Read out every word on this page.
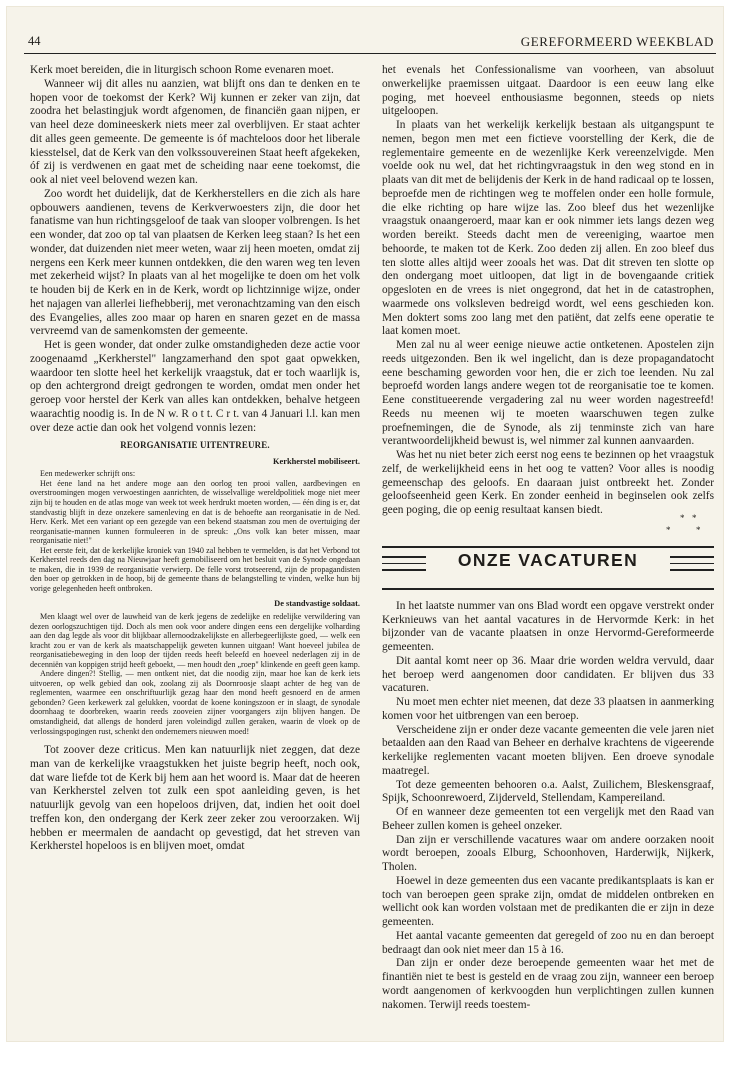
44	GEREFORMEERD WEEKBLAD

Kerk moet bereiden, die in liturgisch schoon Rome evenaren moet.

Wanneer wij dit alles nu aanzien, wat blijft ons dan te denken en te hopen voor de toekomst der Kerk? Wij kunnen er zeker van zijn, dat zoodra het belastingjuk wordt afgenomen, de financiën gaan nijpen, er van heel deze domineeskerk niets meer zal overblijven. Er staat achter dit alles geen gemeente. De gemeente is óf machteloos door het liberale kiesstelsel, dat de Kerk van den volkssouvereinen Staat heeft afgekeken, óf zij is verdwenen en gaat met de scheiding naar eene toekomst, die ook al niet veel belovend wezen kan.

Zoo wordt het duidelijk, dat de Kerkherstellers en die zich als hare opbouwers aandienen, tevens de Kerkverwoesters zijn, die door het fanatisme van hun richtingsgeloof de taak van slooper volbrengen. Is het een wonder, dat zoo op tal van plaatsen de Kerken leeg staan? Is het een wonder, dat duizenden niet meer weten, waar zij heen moeten, omdat zij nergens een Kerk meer kunnen ontdekken, die den waren weg ten leven met zekerheid wijst? In plaats van al het mogelijke te doen om het volk te houden bij de Kerk en in de Kerk, wordt op lichtzinnige wijze, onder het najagen van allerlei liefhebberij, met veronachtzaming van den eisch des Evangelies, alles zoo maar op haren en snaren gezet en de massa vervreemd van de samenkomsten der gemeente.

Het is geen wonder, dat onder zulke omstandigheden deze actie voor zoogenaamd „Kerkherstel" langzamerhand den spot gaat opwekken, waardoor ten slotte heel het kerkelijk vraagstuk, dat er toch waarlijk is, op den achtergrond dreigt gedrongen te worden, omdat men onder het geroep voor herstel der Kerk van alles kan ontdekken, behalve hetgeen waarachtig noodig is. In de N w. R o t t. C r t. van 4 Januari l.l. kan men over deze actie dan ook het volgend vonnis lezen:

REORGANISATIE UITENTREURE.

Kerkherstel mobiliseert.

Een medewerker schrijft ons:

Het éene land na het andere moge aan den oorlog ten prooi vallen, aardbevingen en overstroomingen mogen verwoestingen aanrichten, de wisselvallige wereldpolitiek moge niet meer zijn bij te houden en de atlas moge van week tot week herdrukt moeten worden, — één ding is er, dat standvastig blijft in deze onzekere samenleving en dat is de behoefte aan reorganisatie in de Ned. Herv. Kerk. Met een variant op een gezegde van een bekend staatsman zou men de overtuiging der reorganisatie-mannen kunnen formuleeren in de spreuk: „Ons volk kan beter missen, maar reorganisatie niet!"

Het eerste feit, dat de kerkelijke kroniek van 1940 zal hebben te vermelden, is dat het Verbond tot Kerkherstel reeds den dag na Nieuwjaar heeft gemobiliseerd om het besluit van de Synode ongedaan te maken, die in 1939 de reorganisatie verwierp. De felle vorst trotseerend, zijn de propagandisten den boer op getrokken in de hoop, bij de gemeente thans de belangstelling te vinden, welke hun bij vorige gelegenheden heeft ontbroken.

De standvastige soldaat.

Men klaagt wel over de lauwheid van de kerk jegens de zedelijke en redelijke verwildering van dezen oorlogszuchtigen tijd. Doch als men ook voor andere dingen eens een dergelijke volharding aan den dag legde als voor dit blijkbaar allernoodzakelijkste en allerbegeerlijkste goed, — welk een kracht zou er van de kerk als maatschappelijk geweten kunnen uitgaan! Want hoeveel jubilea de reorganisatiebeweging in den loop der tijden reeds heeft beleefd en hoeveel nederlagen zij in de decenniën van koppigen strijd heeft geboekt, — men houdt den „roep" klinkende en geeft geen kamp.

Andere dingen?! Stellig, — men ontkent niet, dat die noodig zijn, maar hoe kan de kerk iets uitvoeren, op welk gebied dan ook, zoolang zij als Doornroosje slaapt achter de heg van de reglementen, waarmee een onschriftuurlijk gezag haar den mond heeft gesnoerd en de armen gebonden? Geen kerkewerk zal gelukken, voordat de koene koningszoon er in slaagt, de synodale doornhaag te doorbreken, waarin reeds zooveien zijner voorgangers zijn blijven hangen. De omstandigheid, dat allengs de honderd jaren voleindigd zullen geraken, waarin de vloek op de verlossingspogingen rust, schenkt den ondernemers nieuwen moed!

Tot zoover deze criticus. Men kan natuurlijk niet zeggen, dat deze man van de kerkelijke vraagstukken het juiste begrip heeft, noch ook, dat ware liefde tot de Kerk bij hem aan het woord is. Maar dat de heeren van Kerkherstel zelven tot zulk een spot aanleiding geven, is het natuurlijk gevolg van een hopeloos drijven, dat, indien het ooit doel treffen kon, den ondergang der Kerk zeer zeker zou veroorzaken. Wij hebben er meermalen de aandacht op gevestigd, dat het streven van Kerkherstel hopeloos is en blijven moet, omdat

het evenals het Confessionalisme van voorheen, van absoluut onwerkelijke praemissen uitgaat. Daardoor is een eeuw lang elke poging, met hoeveel enthousiasme begonnen, steeds op niets uitgeloopen.

In plaats van het werkelijk kerkelijk bestaan als uitgangspunt te nemen, begon men met een fictieve voorstelling der Kerk, die de reglementaire gemeente en de wezenlijke Kerk vereenzelvigde. Men voelde ook nu wel, dat het richtingvraagstuk in den weg stond en in plaats van dit met de belijdenis der Kerk in de hand radicaal op te lossen, beproefde men de richtingen weg te moffelen onder een holle formule, die elke richting op hare wijze las. Zoo bleef dus het wezenlijke vraagstuk onaangeroerd, maar kan er ook nimmer iets langs dezen weg worden bereikt. Steeds dacht men de vereeniging, waartoe men behoorde, te maken tot de Kerk. Zoo deden zij allen. En zoo bleef dus ten slotte alles altijd weer zooals het was. Dat dit streven ten slotte op den ondergang moet uitloopen, dat ligt in de bovengaande critiek opgesloten en de vrees is niet ongegrond, dat het in de catastrophen, waarmede ons volksleven bedreigd wordt, wel eens geschieden kon. Men doktert soms zoo lang met den patiënt, dat zelfs eene operatie te laat komen moet.

Men zal nu al weer eenige nieuwe actie ontketenen. Apostelen zijn reeds uitgezonden. Ben ik wel ingelicht, dan is deze propagandatocht eene beschaming geworden voor hen, die er zich toe leenden. Nu zal beproefd worden langs andere wegen tot de reorganisatie toe te komen. Eene constitueerende vergadering zal nu weer worden nagestreefd! Reeds nu meenen wij te moeten waarschuwen tegen zulke proefnemingen, die de Synode, als zij tenminste zich van hare verantwoordelijkheid bewust is, wel nimmer zal kunnen aanvaarden.

Was het nu niet beter zich eerst nog eens te bezinnen op het vraagstuk zelf, de werkelijkheid eens in het oog te vatten? Voor alles is noodig gemeenschap des geloofs. En daaraan juist ontbreekt het. Zonder geloofseenheid geen Kerk. En zonder eenheid in beginselen ook zelfs geen poging, die op eenig resultaat kansen biedt.

* *
*	*
ONZE VACATUREN

In het laatste nummer van ons Blad wordt een opgave verstrekt onder Kerknieuws van het aantal vacatures in de Hervormde Kerk: in het bijzonder van de vacante plaatsen in onze Hervormd-Gereformeerde gemeenten.

Dit aantal komt neer op 36. Maar drie worden weldra vervuld, daar het beroep werd aangenomen door candidaten. Er blijven dus 33 vacaturen.

Nu moet men echter niet meenen, dat deze 33 plaatsen in aanmerking komen voor het uitbrengen van een beroep.

Verscheidene zijn er onder deze vacante gemeenten die vele jaren niet betaalden aan den Raad van Beheer en derhalve krachtens de vigeerende kerkelijke reglementen vacant moeten blijven. Een droeve synodale maatregel.

Tot deze gemeenten behooren o.a. Aalst, Zuilichem, Bleskensgraaf, Spijk, Schoonrewoerd, Zijderveld, Stellendam, Kampereiland.

Of en wanneer deze gemeenten tot een vergelijk met den Raad van Beheer zullen komen is geheel onzeker.

Dan zijn er verschillende vacatures waar om andere oorzaken nooit wordt beroepen, zooals Elburg, Schoonhoven, Harderwijk, Nijkerk, Tholen.

Hoewel in deze gemeenten dus een vacante predikantsplaats is kan er toch van beroepen geen sprake zijn, omdat de middelen ontbreken en wellicht ook kan worden volstaan met de predikanten die er zijn in deze gemeenten.

Het aantal vacante gemeenten dat geregeld of zoo nu en dan beroept bedraagt dan ook niet meer dan 15 à 16.

Dan zijn er onder deze beroepende gemeenten waar het met de finantiën niet te best is gesteld en de vraag zou zijn, wanneer een beroep wordt aangenomen of kerkvoogden hun verplichtingen zullen kunnen nakomen. Terwijl reeds toestem-
